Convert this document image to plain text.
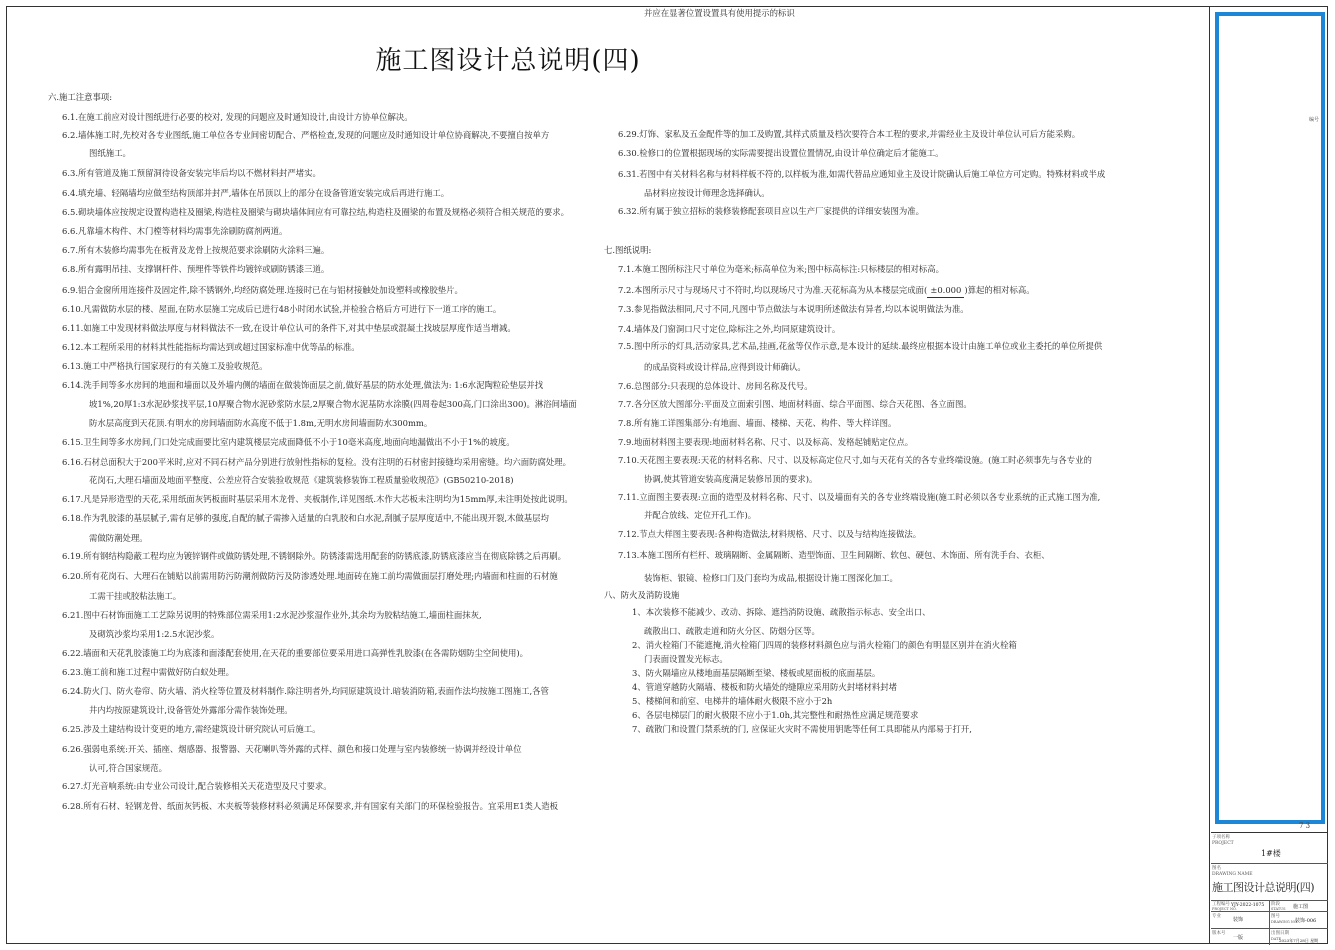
施工图设计总说明(四)

六.施工注意事项:

6.1.在施工前应对设计图纸进行必要的校对, 发现的问题应及时通知设计,由设计方协单位解决。

6.2.墙体施工时,先校对各专业图纸,施工单位各专业间密切配合、严格检查,发现的问题应及时通知设计单位协商解决,不要擅自按单方

图纸施工。

6.3.所有管道及施工预留洞待设备安装完毕后均以不燃材料封严堵实。

6.4.填充墙、轻隔墙均应做至结构顶部并封严,墙体在吊顶以上的部分在设备管道安装完成后再进行施工。

6.5.砌块墙体应按规定设置构造柱及圈梁,构造柱及圈梁与砌块墙体间应有可靠拉结,构造柱及圈梁的布置及规格必须符合相关规范的要求。

6.6.凡靠墙木构件、木门樘等材料均需事先涂刷防腐剂两道。

6.7.所有木装修均需事先在板背及龙骨上按规范要求涂刷防火涂料三遍。

6.8.所有露明吊挂、支撑钢杆件、预埋件等铁件均镀锌或刷防锈漆三道。

6.9.铝合金窗所用连接件及固定件,除不锈钢外,均经防腐处理.连接时已在与铝材接触处加设塑料或橡胶垫片。

6.10.凡需做防水层的楼、屋面,在防水层施工完成后已进行48小时闭水试验,并检验合格后方可进行下一道工序的施工。

6.11.如施工中发现材料做法厚度与材料做法不一致,在设计单位认可的条件下,对其中垫层或混凝土找坡层厚度作适当增减。

6.12.本工程所采用的材料其性能指标均需达到或超过国家标准中优等品的标准。

6.13.施工中严格执行国家现行的有关施工及验收规范。

6.14.洗手间等多水房间的地面和墙面以及外墙内侧的墙面在做装饰面层之前,做好基层的防水处理,做法为: 1:6水泥陶粒砼垫层并找

坡1%,20厚1:3水泥砂浆找平层,10厚聚合物水泥砂浆防水层,2厚聚合物水泥基防水涂膜(四周卷起300高,门口涂出300)。淋浴间墙面

防水层高度到天花顶.有明水的房间墙面防水高度不低于1.8m,无明水房间墙面防水300mm。

6.15.卫生间等多水房间,门口处完成面要比室内建筑楼层完成面降低不小于10毫米高度,地面向地漏做出不小于1%的坡度。

6.16.石材总面积大于200平米时,应对不同石材产品分别进行放射性指标的复检。没有注明的石材密封接缝均采用密缝。均六面防腐处理。

花岗石,大理石墙面及地面平整度、公差应符合安装验收规范《建筑装修装饰工程质量验收规范》(GB50210-2018)

6.17.凡是异形造型的天花,采用纸面灰钙板面时基层采用木龙骨、夹板制作,详见图纸.木作大芯板未注明均为15mm厚,未注明处按此说明。

6.18.作为乳胶漆的基层腻子,需有足够的强度,自配的腻子需掺入适量的白乳胶和白水泥,刮腻子层厚度适中,不能出现开裂,木做基层均

需做防潮处理。

6.19.所有钢结构隐蔽工程均应为镀锌钢件或做防锈处理,不锈钢除外。防锈漆需选用配套的防锈底漆,防锈底漆应当在彻底除锈之后再刷。

6.20.所有花岗石、大理石在铺贴以前需用防污防潮剂做防污及防渗透处理.地面砖在施工前均需做面层打磨处理;内墙面和柱面的石材施

工需干挂或胶粘法施工。

6.21.图中石材饰面施工工艺除另说明的特殊部位需采用1:2水泥沙浆湿作业外,其余均为胶粘结施工,墙面柱面抹灰,

及砌筑沙浆均采用1:2.5水泥沙浆。

6.22.墙面和天花乳胶漆施工均为底漆和面漆配套使用,在天花的重要部位要采用进口高弹性乳胶漆(在各需防烟防尘空间使用)。

6.23.施工前和施工过程中需做好防白蚁处理。

6.24.防火门、防火卷帘、防火墙、消火栓等位置及材料制作.除注明者外,均同原建筑设计.暗装消防箱,表面作法均按施工图施工,各管

井内均按原建筑设计,设备管处外露部分需作装饰处理。

6.25.涉及土建结构设计变更的地方,需经建筑设计研究院认可后施工。

6.26.强弱电系统:开关、插座、烟感器、报警器、天花喇叭等外露的式样、颜色和接口处理与室内装修统一协调并经设计单位

认可,符合国家规范。

6.27.灯光音响系统:由专业公司设计,配合装修相关天花造型及尺寸要求。

6.28.所有石材、轻钢龙骨、纸面灰钙板、木夹板等装修材料必须满足环保要求,并有国家有关部门的环保检验报告。宜采用E1类人造板

6.29.灯饰、家私及五金配件等的加工及购置,其样式质量及档次要符合本工程的要求,并需经业主及设计单位认可后方能采购。

6.30.检修口的位置根据现场的实际需要提出设置位置情况,由设计单位确定后才能施工。

6.31.若图中有关材料名称与材料样板不符的,以样板为准,如需代替品应通知业主及设计院确认后施工单位方可定购。特殊材料或半成

品材料应按设计师理念选择确认。

6.32.所有属于独立招标的装修装修配套项目应以生产厂家提供的详细安装图为准。

七.图纸说明:

7.1.本施工图所标注尺寸单位为毫米;标高单位为米;图中标高标注:只标楼层的相对标高。

7.2.本图所示尺寸与现场尺寸不符时,均以现场尺寸为准.天花标高为从本楼层完成面( ±0.000 )算起的相对标高。

7.3.参见指做法相同,尺寸不同,凡图中节点做法与本说明所述做法有异者,均以本说明做法为准。

7.4.墙体及门窗洞口尺寸定位,除标注之外,均同原建筑设计。

7.5.图中所示的灯具,活动家具,艺术品,挂画,花盆等仅作示意,是本设计的延续.最终应根据本设计由施工单位或业主委托的单位所提供

的成品资料或设计样品,应得到设计师确认。

7.6.总图部分:只表现的总体设计、房间名称及代号。

7.7.各分区放大图部分:平面及立面索引图、地面材料面、综合平面图、综合天花图、各立面图。

7.8.所有施工详图集部分:有地面、墙面、楼梯、天花、构件、等大样详图。

7.9.地面材料图主要表现:地面材料名称、尺寸、以及标高、发格起铺贴定位点。

7.10.天花图主要表现:天花的材料名称、尺寸、以及标高定位尺寸,如与天花有关的各专业终端设施。(施工时必须事先与各专业的

协调,使其管道安装高度满足装修吊顶的要求)。

7.11.立面图主要表现:立面的造型及材料名称、尺寸、以及墙面有关的各专业终端设施(施工时必须以各专业系统的正式施工图为准,

并配合放线、定位开孔工作)。

7.12.节点大样图主要表现:各种构造做法,材料规格、尺寸、以及与结构连接做法。

7.13.本施工图所有栏杆、玻璃隔断、金属隔断、造型饰面、卫生间隔断、软包、硬包、木饰面、所有洗手台、衣柜、

装饰柜、银镜、检修口门及门套均为成品,根据设计施工图深化加工。

八、防火及消防设施

1、本次装修不能减少、改动、拆除、遮挡消防设施、疏散指示标志、安全出口、

疏散出口、疏散走道和防火分区、防烟分区等。

2、消火栓箱门不能遮掩,消火栓箱门四周的装修材料颜色应与消火栓箱门的颜色有明显区别并在消火栓箱

门表面设置发光标志。

3、防火隔墙应从楼地面基层隔断至梁、楼板或屋面板的底面基层。

4、管道穿越防火隔墙、楼板和防火墙处的缝隙应采用防火封堵材料封堵

5、楼梯间和前室、电梯井的墙体耐火极限不应小于2h

6、各层电梯层门的耐火极限不应小于1.0h,其完整性和耐热性应满足规范要求

7、疏散门和设置门禁系统的门, 应保证火灾时不需使用钥匙等任何工具即能从内部易于打开,

并应在显著位置设置具有使用提示的标识

编号
7 3
子项名称
PROJECT
1#楼
图名
DRAWING NAME
施工图设计总说明(四)
工程编号
PROJECT NO.
YJY-2022-1075 阶段
STATUS 施工图
专业
装饰
图号
DRAWING NO.
装饰-006
版本号
一版
出图日期
DATE
2023年7月28日 星期
